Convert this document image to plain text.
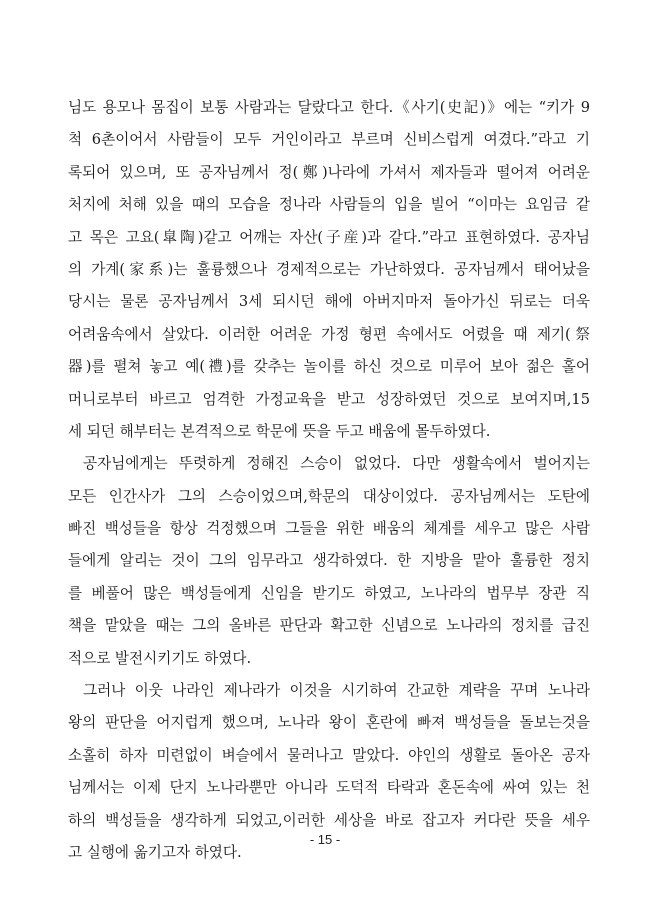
님도 용모나 몸집이 보통 사람과는 달랐다고 한다.《사기(史記)》에는 “키가 9
척 6촌이어서 사람들이 모두 거인이라고 부르며 신비스럽게 여겼다.”라고 기
록되어 있으며, 또 공자님께서 정(鄭)나라에 가셔서 제자들과 떨어져 어려운
처지에 처해 있을 때의 모습을 정나라 사람들의 입을 빌어 “이마는 요임금 같
고 목은 고요(皐陶)같고 어깨는 자산(子産)과 같다.”라고 표현하였다. 공자님
의 가계(家系)는 훌륭했으나 경제적으로는 가난하였다. 공자님께서 태어났을
당시는 물론 공자님께서 3세 되시던 해에 아버지마저 돌아가신 뒤로는 더욱
어려움속에서 살았다. 이러한 어려운 가정 형편 속에서도 어렸을 때 제기(祭
器)를 펼쳐 놓고 예(禮)를 갖추는 놀이를 하신 것으로 미루어 보아 젊은 홀어
머니로부터 바르고 엄격한 가정교육을 받고 성장하였던 것으로 보여지며,15
세 되던 해부터는 본격적으로 학문에 뜻을 두고 배움에 몰두하였다.
공자님에게는 뚜렷하게 정해진 스승이 없었다. 다만 생활속에서 벌어지는
모든 인간사가 그의 스승이었으며,학문의 대상이었다. 공자님께서는 도탄에
빠진 백성들을 항상 걱정했으며 그들을 위한 배움의 체계를 세우고 많은 사람
들에게 알리는 것이 그의 임무라고 생각하였다. 한 지방을 맡아 훌륭한 정치
를 베풀어 많은 백성들에게 신임을 받기도 하였고, 노나라의 법무부 장관 직
책을 맡았을 때는 그의 올바른 판단과 확고한 신념으로 노나라의 정치를 급진
적으로 발전시키기도 하였다.
그러나 이웃 나라인 제나라가 이것을 시기하여 간교한 계략을 꾸며 노나라
왕의 판단을 어지럽게 했으며, 노나라 왕이 혼란에 빠져 백성들을 돌보는것을
소홀히 하자 미련없이 벼슬에서 물러나고 말았다. 야인의 생활로 돌아온 공자
님께서는 이제 단지 노나라뿐만 아니라 도덕적 타락과 혼돈속에 싸여 있는 천
하의 백성들을 생각하게 되었고,이러한 세상을 바로 잡고자 커다란 뜻을 세우
고 실행에 옮기고자 하였다.
- 15 -
